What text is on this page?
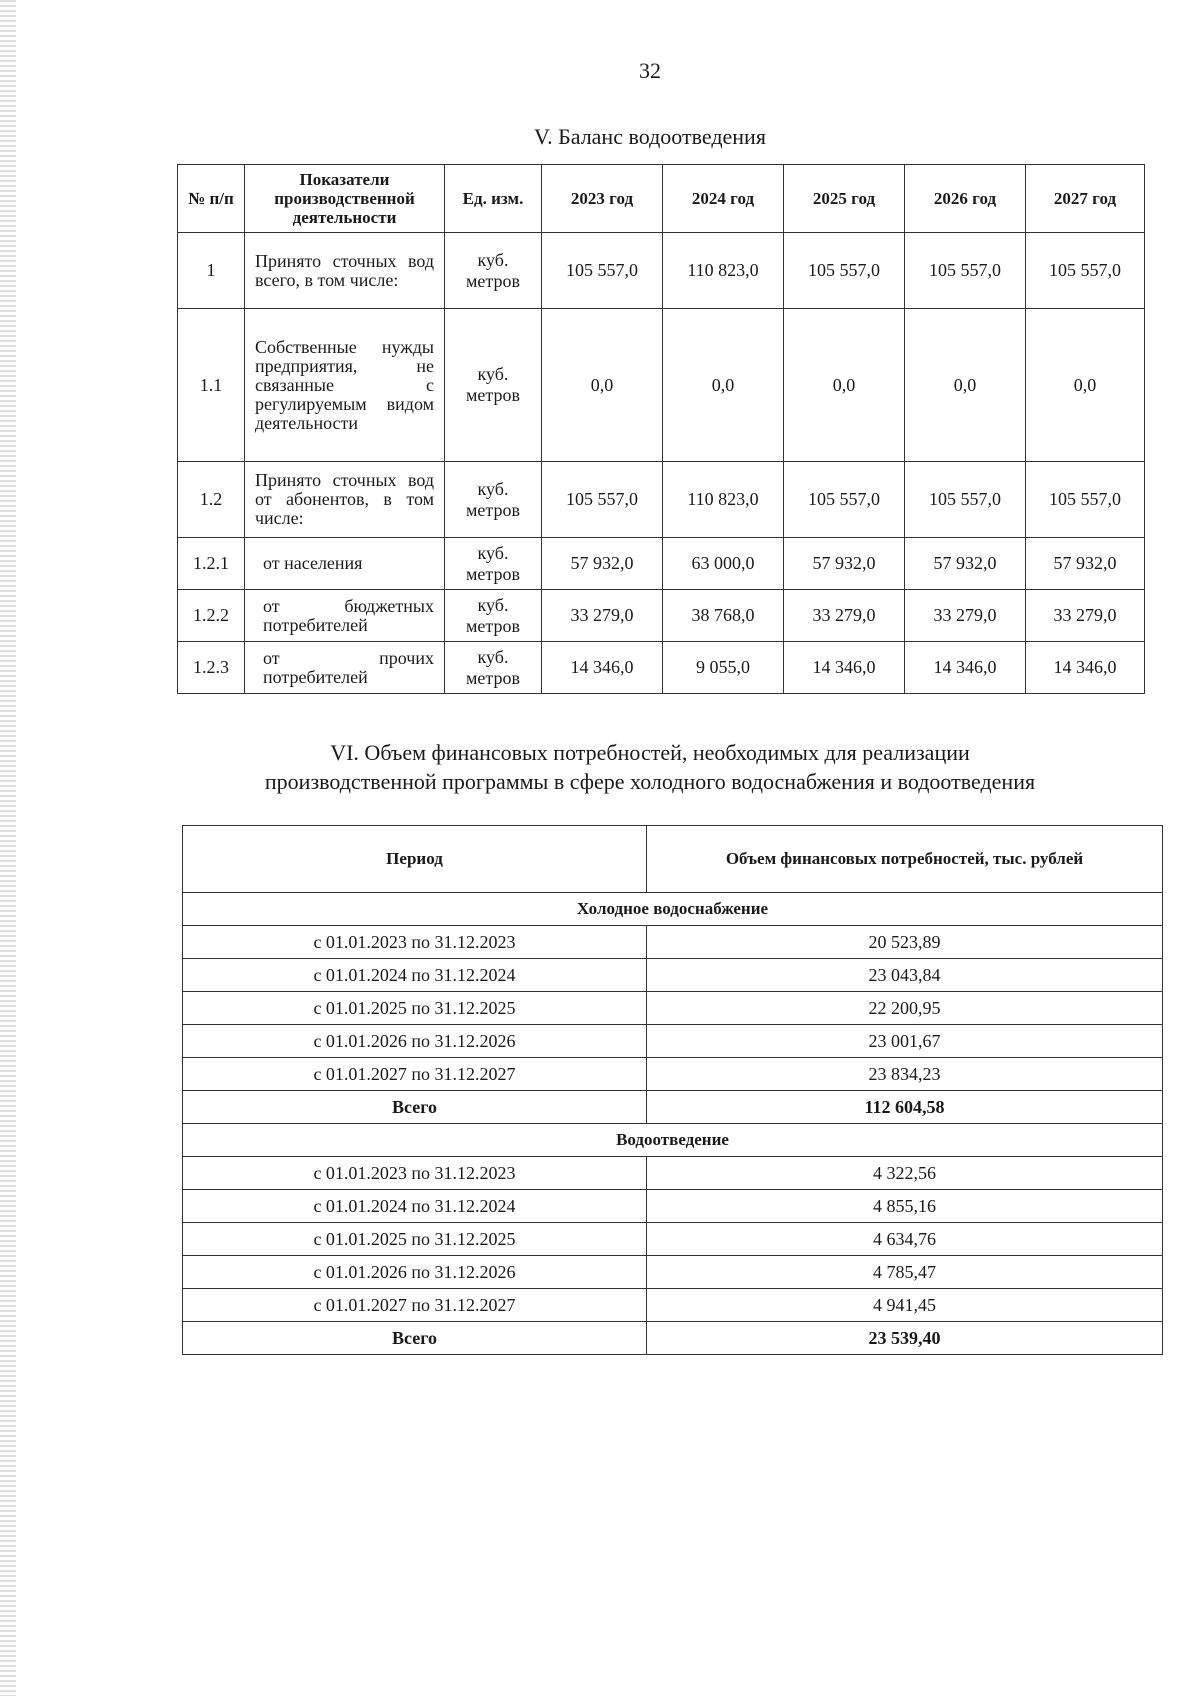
32
V. Баланс водоотведения
№ п/п	Показатели производственной деятельности	Ед. изм.	2023 год	2024 год	2025 год	2026 год	2027 год
1	Принято сточных вод всего, в том числе:	куб. метров	105 557,0	110 823,0	105 557,0	105 557,0	105 557,0
1.1	Собственные нужды предприятия, не связанные с регулируемым видом деятельности	куб. метров	0,0	0,0	0,0	0,0	0,0
1.2	Принято сточных вод от абонентов, в том числе:	куб. метров	105 557,0	110 823,0	105 557,0	105 557,0	105 557,0
1.2.1	от населения	куб. метров	57 932,0	63 000,0	57 932,0	57 932,0	57 932,0
1.2.2	от бюджетных потребителей	куб. метров	33 279,0	38 768,0	33 279,0	33 279,0	33 279,0
1.2.3	от прочих потребителей	куб. метров	14 346,0	9 055,0	14 346,0	14 346,0	14 346,0
VI. Объем финансовых потребностей, необходимых для реализации
производственной программы в сфере холодного водоснабжения и водоотведения
Период	Объем финансовых потребностей, тыс. рублей
Холодное водоснабжение	
с 01.01.2023 по 31.12.2023	20 523,89
с 01.01.2024 по 31.12.2024	23 043,84
с 01.01.2025 по 31.12.2025	22 200,95
с 01.01.2026 по 31.12.2026	23 001,67
с 01.01.2027 по 31.12.2027	23 834,23
Всего	112 604,58
Водоотведение	
с 01.01.2023 по 31.12.2023	4 322,56
с 01.01.2024 по 31.12.2024	4 855,16
с 01.01.2025 по 31.12.2025	4 634,76
с 01.01.2026 по 31.12.2026	4 785,47
с 01.01.2027 по 31.12.2027	4 941,45
Всего	23 539,40
